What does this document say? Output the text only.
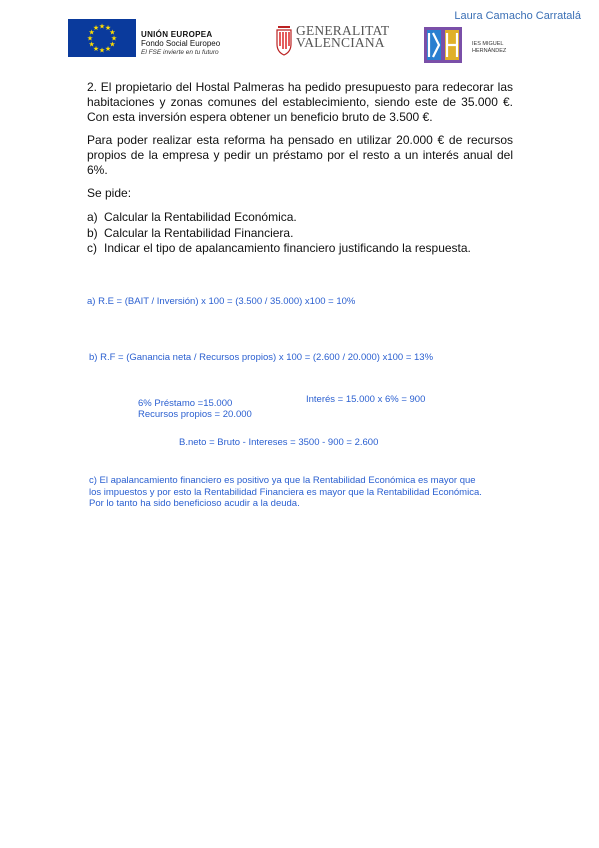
Laura Camacho Carratalá
★ ★
★
★
★
★
★
★
★
★
★
★
UNIÓN EUROPEA
Fondo Social Europeo
El FSE invierte en tu futuro
GENERALITAT
VALENCIANA	IES MIGUEL
HERNÁNDEZ
2. El propietario del Hostal Palmeras ha pedido presupuesto para redecorar las habitaciones y zonas comunes del establecimiento, siendo este de 35.000 €. Con esta inversión espera obtener un beneficio bruto de 3.500 €.
Para poder realizar esta reforma ha pensado en utilizar 20.000 € de recursos propios de la empresa y pedir un préstamo por el resto a un interés anual del 6%.
Se pide:
a) Calcular la Rentabilidad Económica.
b) Calcular la Rentabilidad Financiera.
c) Indicar el tipo de apalancamiento financiero justificando la respuesta.
a) R.E = (BAIT / Inversión) x 100 = (3.500 / 35.000) x100 = 10%
b) R.F = (Ganancia neta / Recursos propios) x 100 = (2.600 / 20.000) x100 = 13%
6% Préstamo =15.000
Recursos propios = 20.000
Interés = 15.000 x 6% = 900
B.neto = Bruto - Intereses = 3500 - 900 = 2.600
c) El apalancamiento financiero es positivo ya que la Rentabilidad Económica es mayor que
los impuestos y por esto la Rentabilidad Financiera es mayor que la Rentabilidad Económica.
Por lo tanto ha sido beneficioso acudir a la deuda.
